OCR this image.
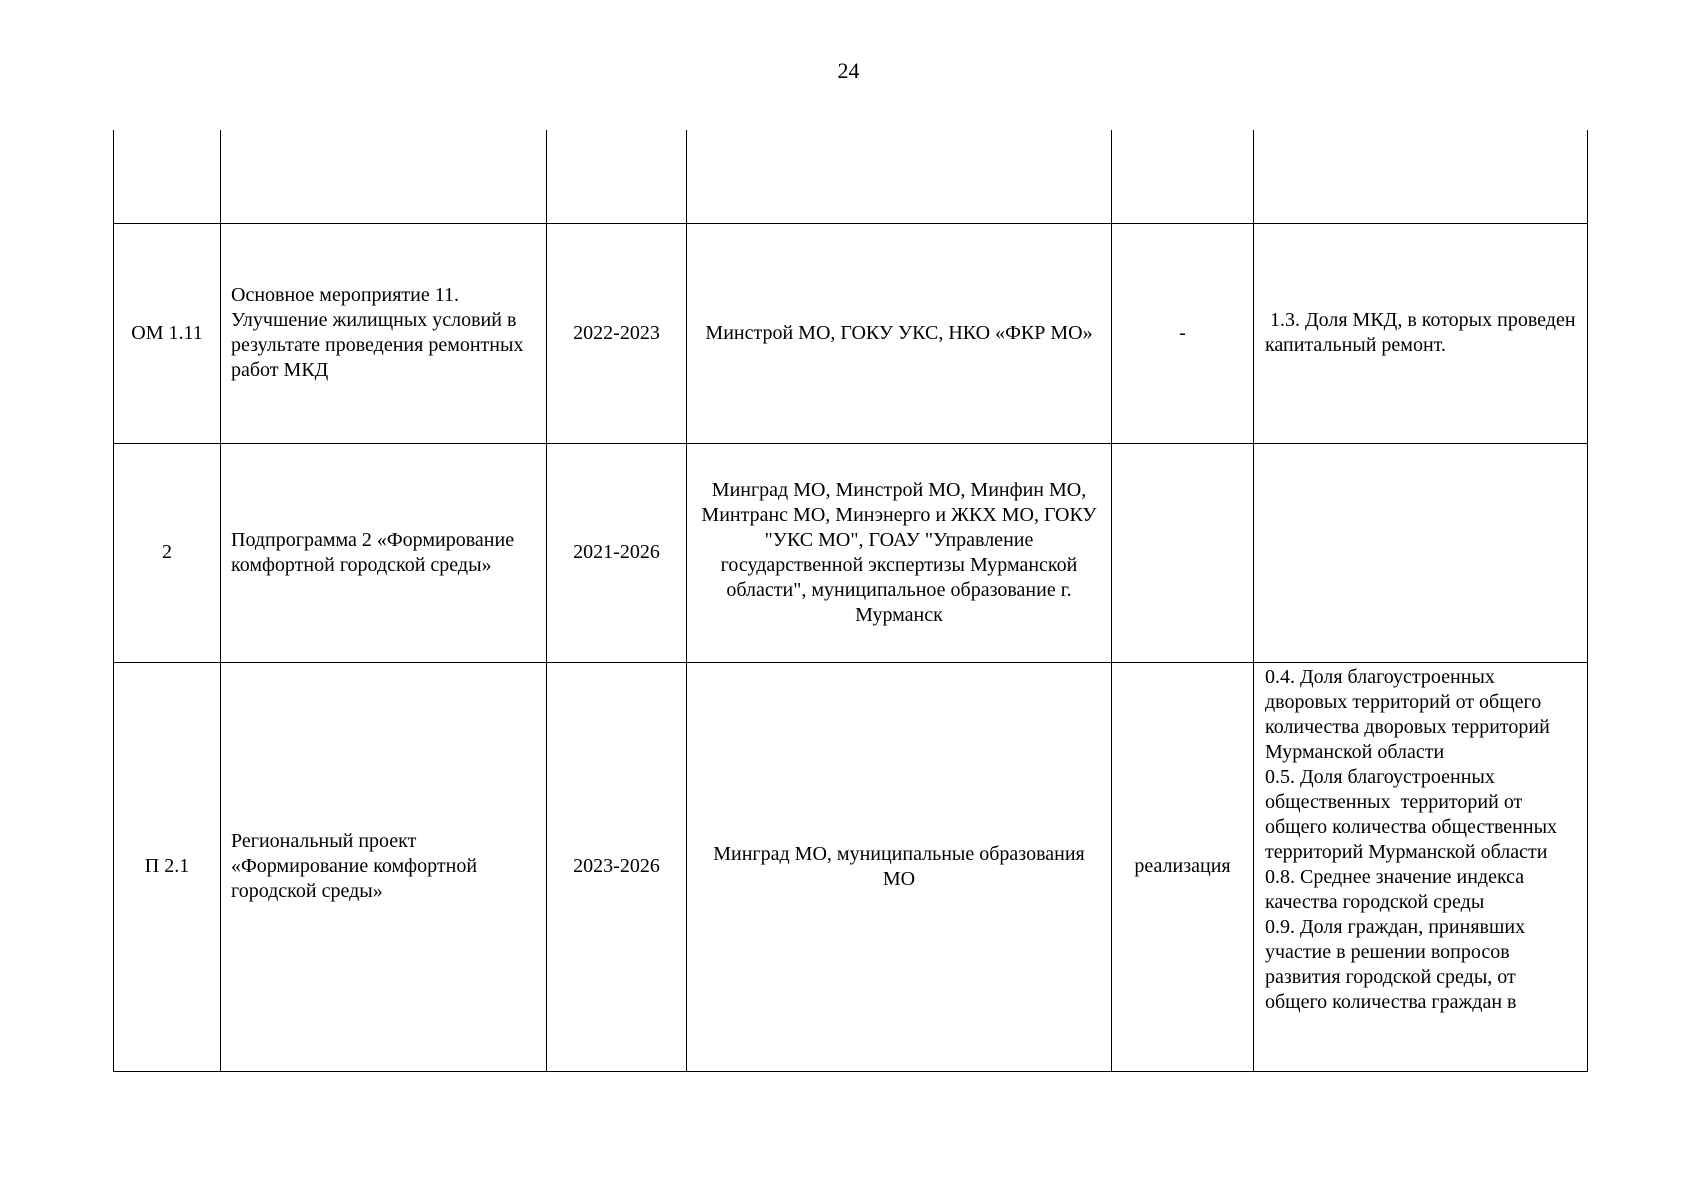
24

ОМ 1.11	Основное мероприятие 11. Улучшение жилищных условий в результате проведения ремонтных работ МКД	2022-2023	Минстрой МО, ГОКУ УКС, НКО «ФКР МО»	-	1.3. Доля МКД, в которых проведен капитальный ремонт.

2	Подпрограмма 2 «Формирование комфортной городской среды»	2021-2026	Минград МО, Минстрой МО, Минфин МО, Минтранс МО, Минэнерго и ЖКХ МО, ГОКУ "УКС МО", ГОАУ "Управление государственной экспертизы Мурманской области", муниципальное образование г. Мурманск		
П 2.1	Региональный проект «Формирование комфортной городской среды»	2023-2026	Минград МО, муниципальные образования МО	реализация	0.4. Доля благоустроенных дворовых территорий от общего количества дворовых территорий Мурманской области
0.5. Доля благоустроенных общественных  территорий от общего количества общественных  территорий Мурманской области
0.8. Среднее значение индекса качества городской среды
0.9. Доля граждан, принявших участие в решении вопросов развития городской среды, от общего количества граждан в
